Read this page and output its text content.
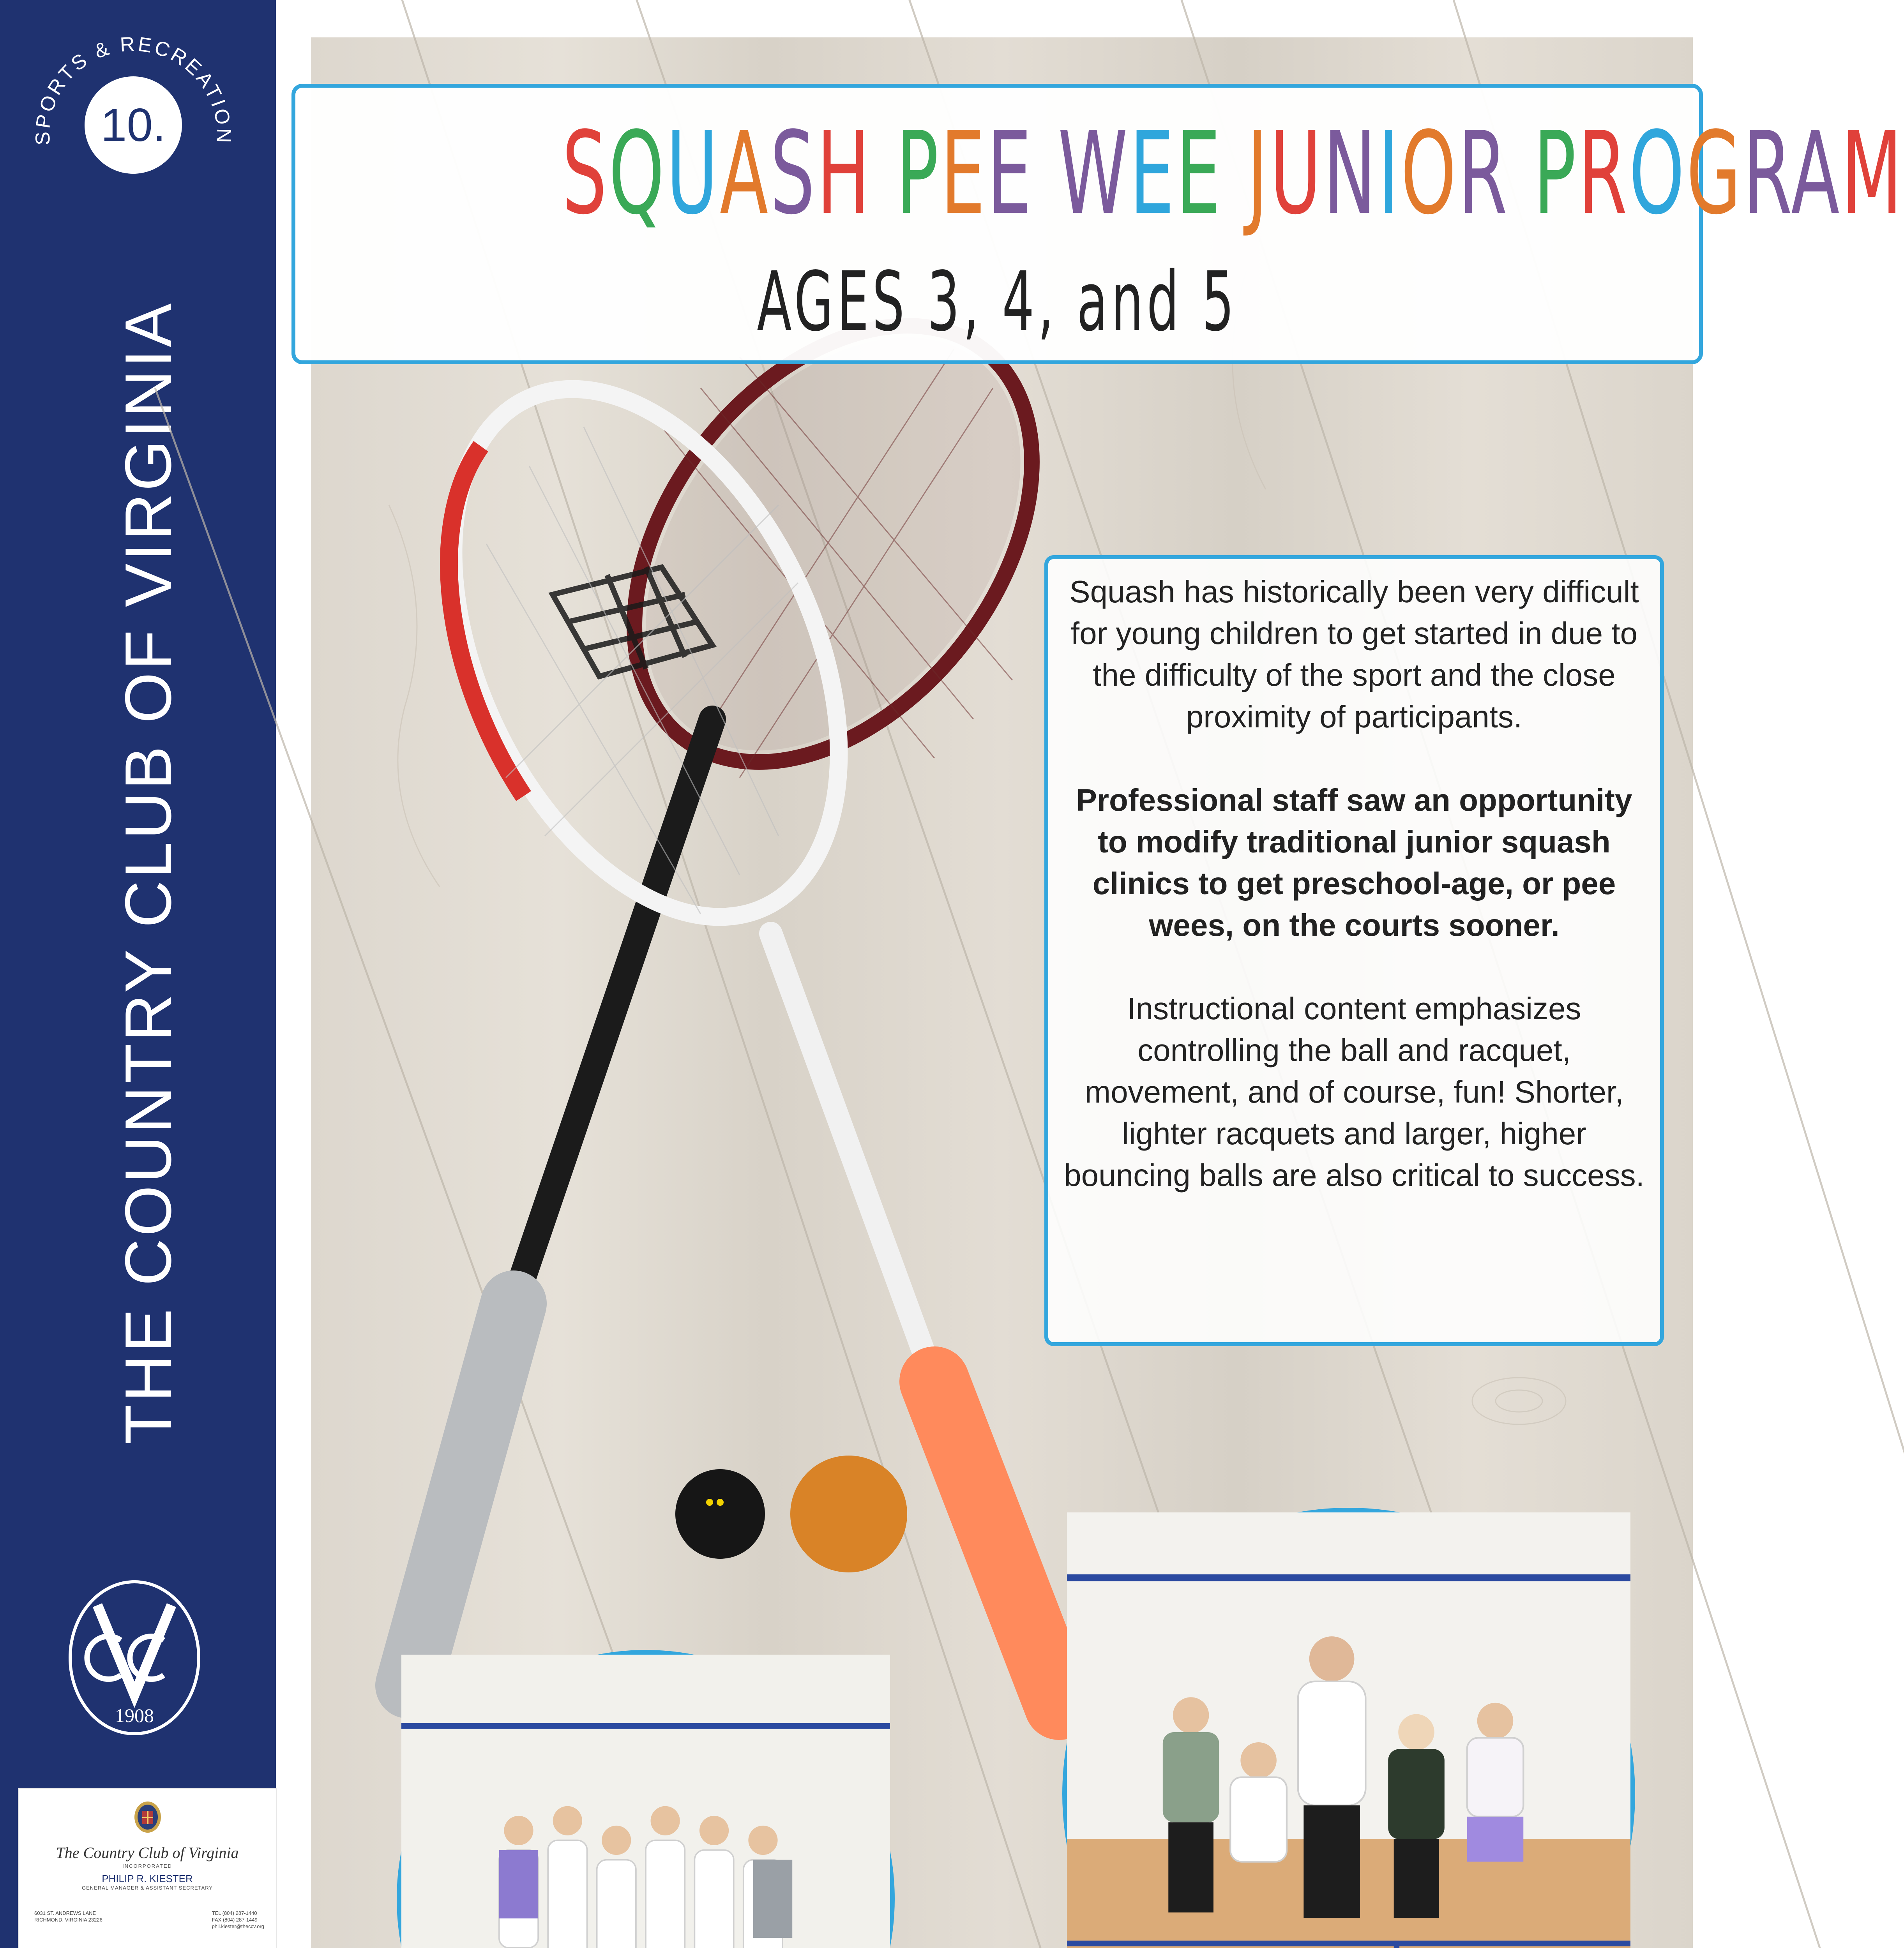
SPORTS & RECREATION
10.
THE COUNTRY CLUB OF VIRGINIA
1908
The Country Club of Virginia
INCORPORATED
PHILIP R. KIESTER
GENERAL MANAGER & ASSISTANT SECRETARY
6031 ST. ANDREWS LANE
RICHMOND, VIRGINIA 23226
TEL (804) 287-1440
FAX (804) 287-1449
phil.kiester@theccv.org
SQUASH PEE WEE JUNIOR PROGRAM
AGES 3, 4, and 5

Squash has historically been very difficult for young children to get started in due to the difficulty of the sport and the close proximity of participants.

Professional staff saw an opportunity to modify traditional junior squash clinics to get preschool-age, or pee wees, on the courts sooner.

Instructional content emphasizes controlling the ball and racquet, movement, and of course, fun! Shorter, lighter racquets and larger, higher bouncing balls are also critical to success.
